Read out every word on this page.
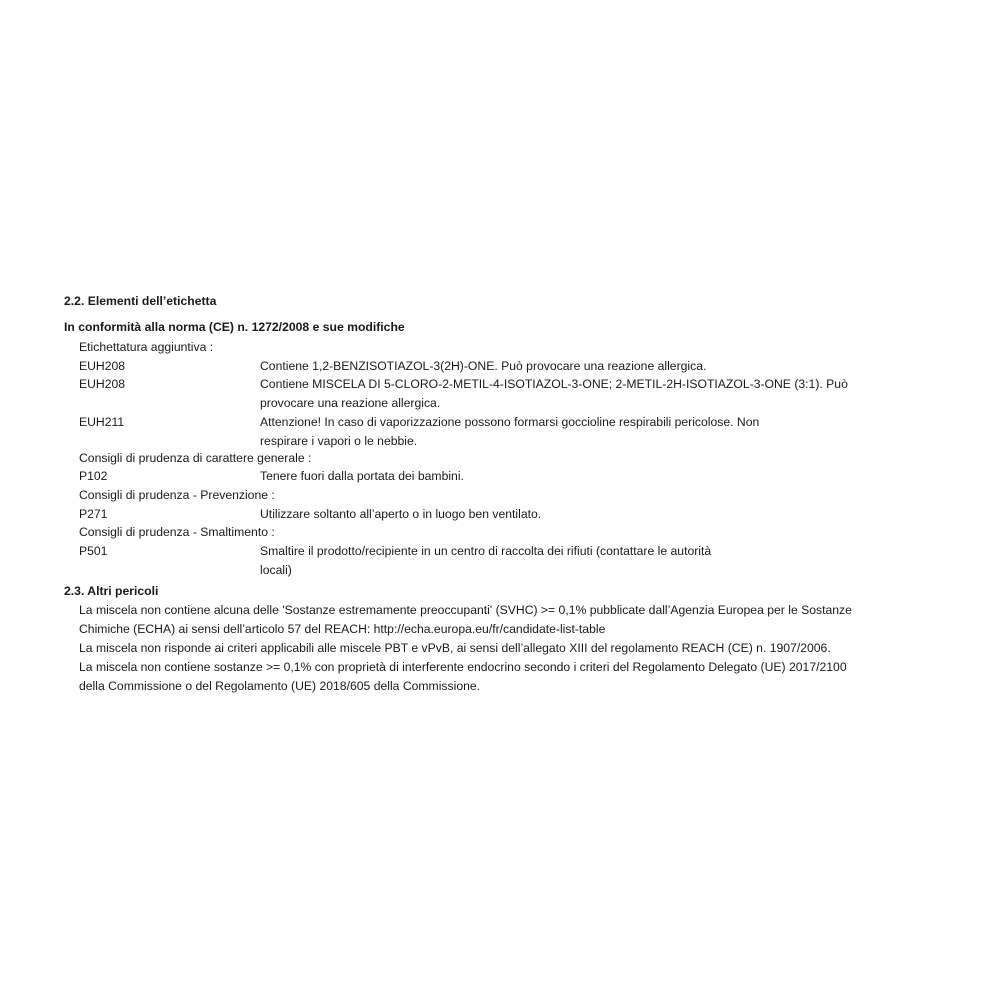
2.2. Elementi dell’etichetta
In conformità alla norma (CE) n. 1272/2008 e sue modifiche
Etichettatura aggiuntiva :
EUH208	Contiene 1,2-BENZISOTIAZOL-3(2H)-ONE. Può provocare una reazione allergica.
EUH208	Contiene MISCELA DI 5-CLORO-2-METIL-4-ISOTIAZOL-3-ONE; 2-METIL-2H-ISOTIAZOL-3-ONE (3:1). Può
provocare una reazione allergica.
EUH211	Attenzione! In caso di vaporizzazione possono formarsi goccioline respirabili pericolose. Non
respirare i vapori o le nebbie.
Consigli di prudenza di carattere generale :
P102	Tenere fuori dalla portata dei bambini.
Consigli di prudenza - Prevenzione :
P271	Utilizzare soltanto all’aperto o in luogo ben ventilato.
Consigli di prudenza - Smaltimento :
P501	Smaltire il prodotto/recipiente in un centro di raccolta dei rifiuti (contattare le autorità
locali)
2.3. Altri pericoli
La miscela non contiene alcuna delle 'Sostanze estremamente preoccupanti' (SVHC) >= 0,1% pubblicate dall’Agenzia Europea per le Sostanze
Chimiche (ECHA) ai sensi dell’articolo 57 del REACH: http://echa.europa.eu/fr/candidate-list-table
La miscela non risponde ai criteri applicabili alle miscele PBT e vPvB, ai sensi dell’allegato XIII del regolamento REACH (CE) n. 1907/2006.
La miscela non contiene sostanze >= 0,1% con proprietà di interferente endocrino secondo i criteri del Regolamento Delegato (UE) 2017/2100
della Commissione o del Regolamento (UE) 2018/605 della Commissione.
